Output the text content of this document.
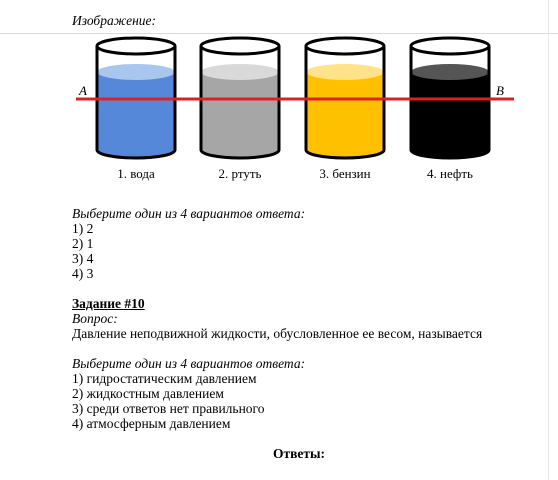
Изображение:
1. вода	2. ртуть	3. бензин	4. нефть
A	B
Выберите один из 4 вариантов ответа:
1) 2
2) 1
3) 4
4) 3
Задание #10
Вопрос:
Давление неподвижной жидкости, обусловленное ее весом, называется
Выберите один из 4 вариантов ответа:
1) гидростатическим давлением
2) жидкостным давлением
3) среди ответов нет правильного
4) атмосферным давлением
Ответы:
